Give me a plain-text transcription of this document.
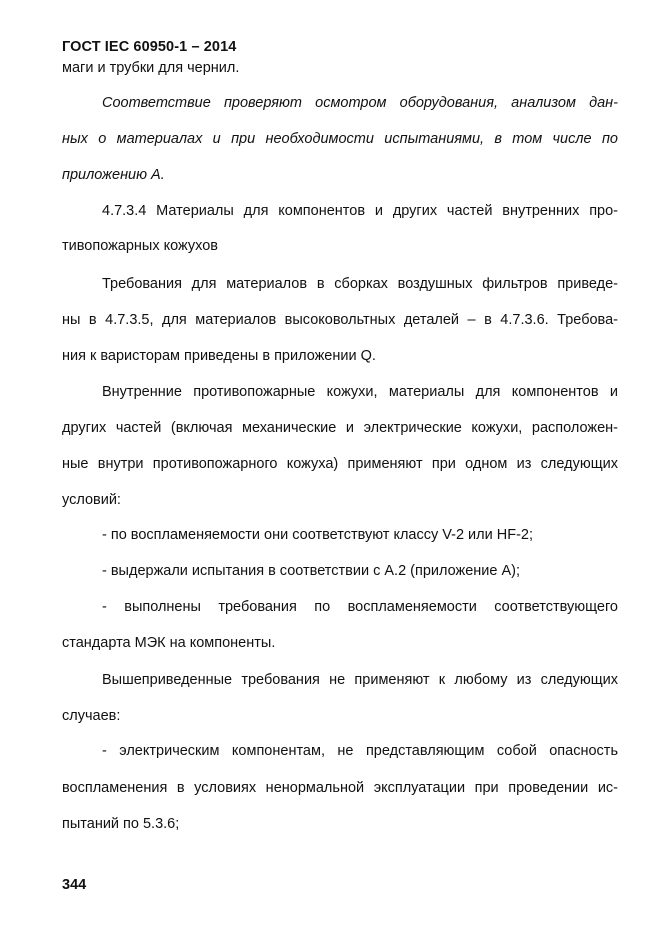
ГОСТ IEC 60950-1 – 2014
маги и трубки для чернил.
Соответствие проверяют осмотром оборудования, анализом дан-
ных о материалах и при необходимости испытаниями, в том числе по
приложению А.
4.7.3.4 Материалы для компонентов и других частей внутренних про-
тивопожарных кожухов
Требования для материалов в сборках воздушных фильтров приведе-
ны в 4.7.3.5, для материалов высоковольтных деталей – в 4.7.3.6. Требова-
ния к варисторам приведены в приложении Q.
Внутренние противопожарные кожухи, материалы для компонентов и
других частей (включая механические и электрические кожухи, расположен-
ные внутри противопожарного кожуха) применяют при одном из следующих
условий:
- по воспламеняемости они соответствуют классу V-2 или HF-2;
- выдержали испытания в соответствии с А.2 (приложение А);
- выполнены требования по воспламеняемости соответствующего
стандарта МЭК на компоненты.
Вышеприведенные требования не применяют к любому из следующих
случаев:
- электрическим компонентам, не представляющим собой опасность
воспламенения в условиях ненормальной эксплуатации при проведении ис-
пытаний по 5.3.6;
344
